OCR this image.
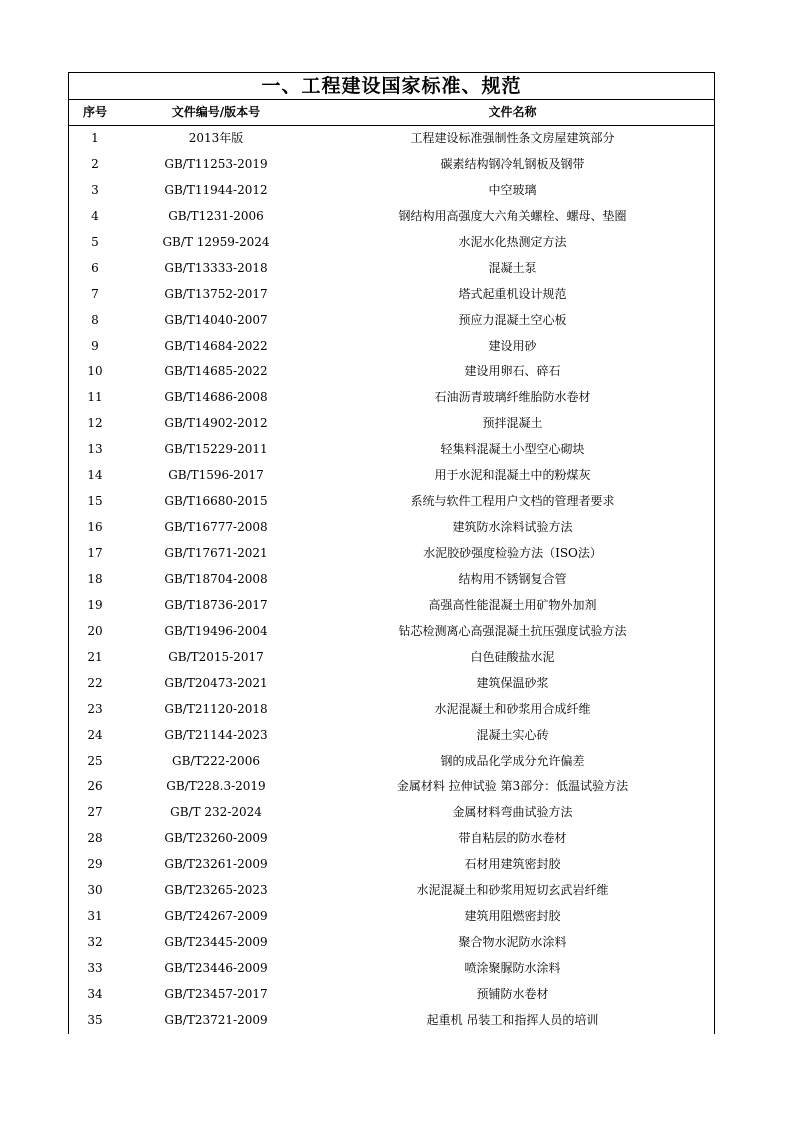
一、工程建设国家标准、规范
序号	文件编号/版本号	文件名称
1	2013年版	工程建设标准强制性条文房屋建筑部分
2	GB/T11253-2019	碳素结构钢冷轧钢板及钢带
3	GB/T11944-2012	中空玻璃
4	GB/T1231-2006	钢结构用高强度大六角关螺栓、螺母、垫圈
5	GB/T 12959-2024	水泥水化热测定方法
6	GB/T13333-2018	混凝土泵
7	GB/T13752-2017	塔式起重机设计规范
8	GB/T14040-2007	预应力混凝土空心板
9	GB/T14684-2022	建设用砂
10	GB/T14685-2022	建设用卵石、碎石
11	GB/T14686-2008	石油沥青玻璃纤维胎防水卷材
12	GB/T14902-2012	预拌混凝土
13	GB/T15229-2011	轻集料混凝土小型空心砌块
14	GB/T1596-2017	用于水泥和混凝土中的粉煤灰
15	GB/T16680-2015	系统与软件工程用户文档的管理者要求
16	GB/T16777-2008	建筑防水涂料试验方法
17	GB/T17671-2021	水泥胶砂强度检验方法（ISO法）
18	GB/T18704-2008	结构用不锈钢复合管
19	GB/T18736-2017	高强高性能混凝土用矿物外加剂
20	GB/T19496-2004	钻芯检测离心高强混凝土抗压强度试验方法
21	GB/T2015-2017	白色硅酸盐水泥
22	GB/T20473-2021	建筑保温砂浆
23	GB/T21120-2018	水泥混凝土和砂浆用合成纤维
24	GB/T21144-2023	混凝土实心砖
25	GB/T222-2006	钢的成品化学成分允许偏差
26	GB/T228.3-2019	金属材料 拉伸试验 第3部分：低温试验方法
27	GB/T 232-2024	金属材料弯曲试验方法
28	GB/T23260-2009	带自粘层的防水卷材
29	GB/T23261-2009	石材用建筑密封胶
30	GB/T23265-2023	水泥混凝土和砂浆用短切玄武岩纤维
31	GB/T24267-2009	建筑用阻燃密封胶
32	GB/T23445-2009	聚合物水泥防水涂料
33	GB/T23446-2009	喷涂聚脲防水涂料
34	GB/T23457-2017	预铺防水卷材
35	GB/T23721-2009	起重机 吊装工和指挥人员的培训
